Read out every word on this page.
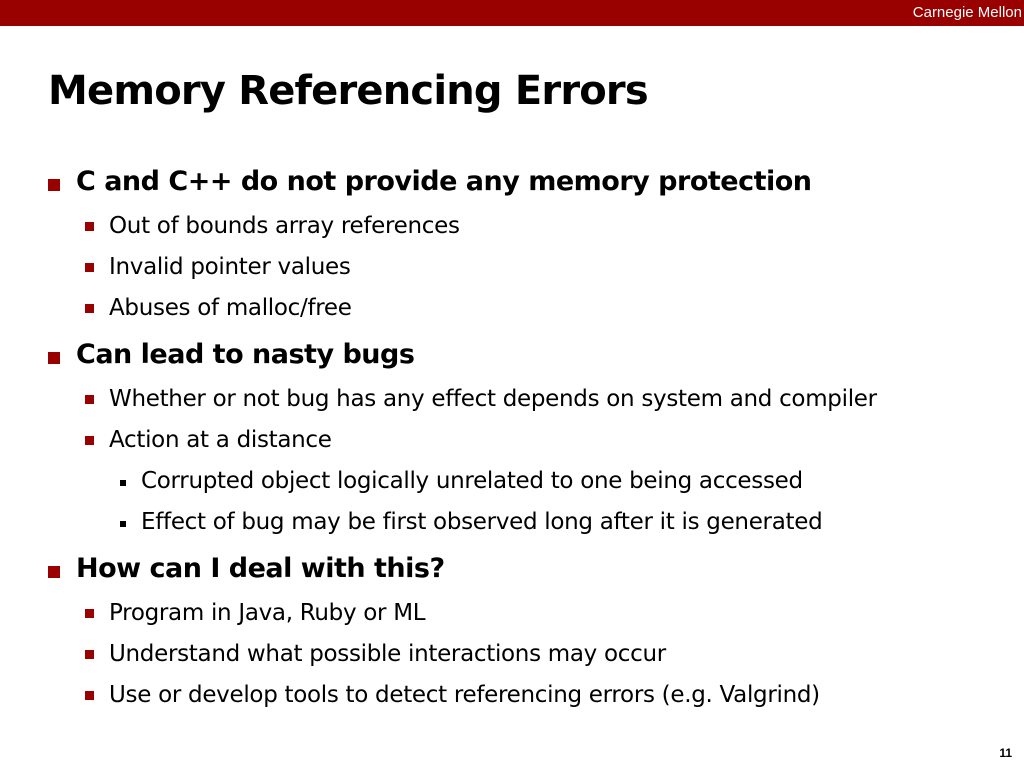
Carnegie Mellon
Memory Referencing Errors
C and C++ do not provide any memory protection
Out of bounds array references
Invalid pointer values
Abuses of malloc/free
Can lead to nasty bugs
Whether or not bug has any effect depends on system and compiler
Action at a distance
Corrupted object logically unrelated to one being accessed
Effect of bug may be first observed long after it is generated
How can I deal with this?
Program in Java, Ruby or ML
Understand what possible interactions may occur
Use or develop tools to detect referencing errors (e.g. Valgrind)
11
